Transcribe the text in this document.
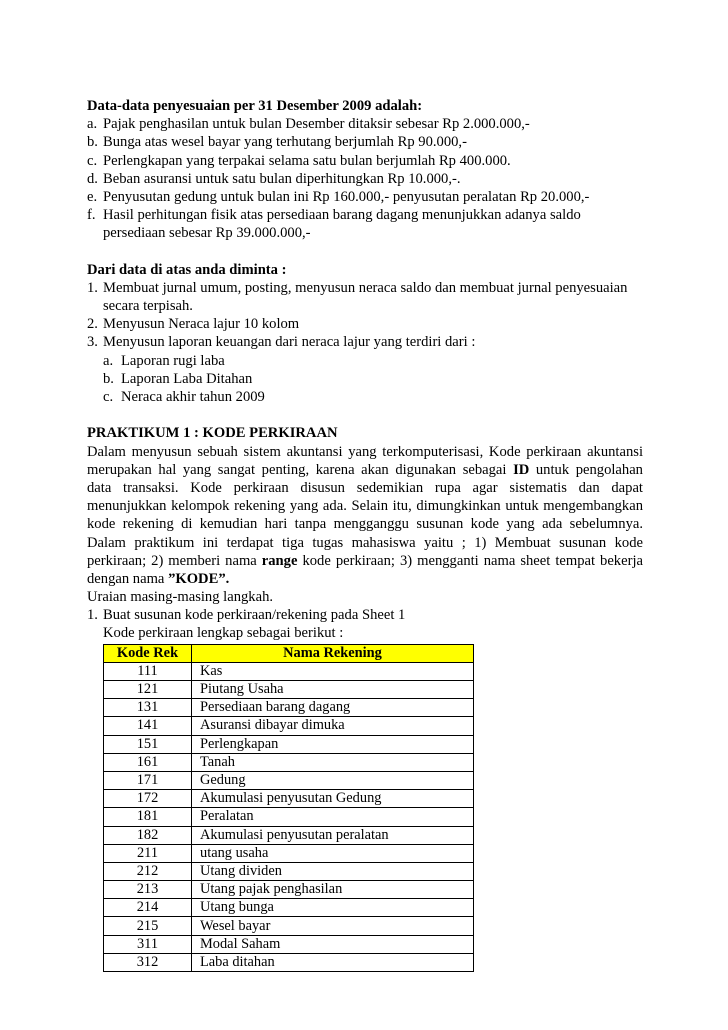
Data-data penyesuaian per 31 Desember 2009 adalah:
a. Pajak penghasilan untuk bulan Desember ditaksir sebesar Rp 2.000.000,-
b. Bunga atas wesel bayar yang terhutang berjumlah Rp 90.000,-
c. Perlengkapan yang terpakai selama satu bulan berjumlah Rp 400.000.
d. Beban asuransi untuk satu bulan diperhitungkan Rp 10.000,-.
e. Penyusutan gedung untuk bulan ini Rp 160.000,- penyusutan peralatan Rp 20.000,-
f. Hasil perhitungan fisik atas persediaan barang dagang menunjukkan adanya saldo
persediaan sebesar Rp 39.000.000,-
Dari data di atas anda diminta :
1. Membuat jurnal umum, posting, menyusun neraca saldo dan membuat jurnal penyesuaian
secara terpisah.
2. Menyusun Neraca lajur 10 kolom
3. Menyusun laporan keuangan dari neraca lajur yang terdiri dari :
a. Laporan rugi laba
b. Laporan Laba Ditahan
c. Neraca akhir tahun 2009
PRAKTIKUM 1 : KODE PERKIRAAN
Dalam menyusun sebuah sistem akuntansi yang terkomputerisasi, Kode perkiraan akuntansi
merupakan hal yang sangat penting, karena akan digunakan sebagai ID untuk pengolahan
data transaksi. Kode perkiraan disusun sedemikian rupa agar sistematis dan dapat
menunjukkan kelompok rekening yang ada. Selain itu, dimungkinkan untuk mengembangkan
kode rekening di kemudian hari tanpa mengganggu susunan kode yang ada sebelumnya.
Dalam praktikum ini terdapat tiga tugas mahasiswa yaitu ; 1) Membuat susunan kode
perkiraan; 2) memberi nama range kode perkiraan; 3) mengganti nama sheet tempat bekerja
dengan nama ”KODE”.
Uraian masing-masing langkah.
1. Buat susunan kode perkiraan/rekening pada Sheet 1
Kode perkiraan lengkap sebagai berikut :
Kode Rek	Nama Rekening
111	Kas
121	Piutang Usaha
131	Persediaan barang dagang
141	Asuransi dibayar dimuka
151	Perlengkapan
161	Tanah
171	Gedung
172	Akumulasi penyusutan Gedung
181	Peralatan
182	Akumulasi penyusutan peralatan
211	utang usaha
212	Utang dividen
213	Utang pajak penghasilan
214	Utang bunga
215	Wesel bayar
311	Modal Saham
312	Laba ditahan
